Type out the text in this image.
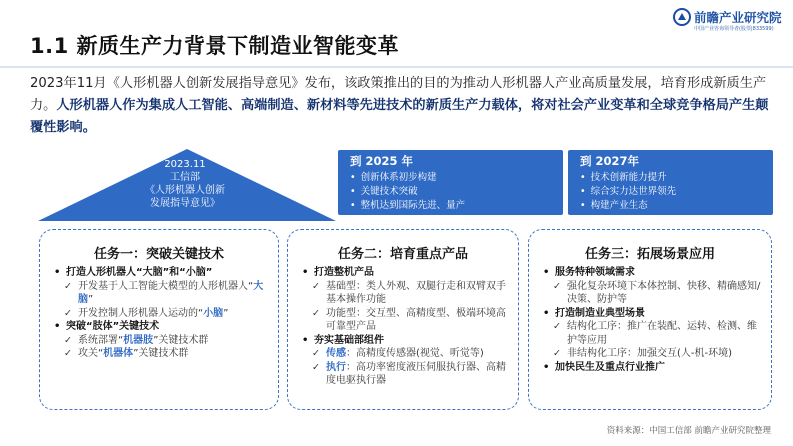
1.1 新质生产力背景下制造业智能变革
前瞻产业研究院
中国产业咨询领导者(股票|833599)
2023年11月《人形机器人创新发展指导意见》发布，该政策推出的目的为推动人形机器人产业高质量发展，培育形成新质生产力。人形机器人作为集成人工智能、高端制造、新材料等先进技术的新质生产力载体，将对社会产业变革和全球竞争格局产生颠覆性影响。
2023.11
工信部
《人形机器人创新
发展指导意见》
到 2025 年
• 创新体系初步构建
• 关键技术突破
• 整机达到国际先进、量产
到 2027年
• 技术创新能力提升
• 综合实力达世界领先
• 构建产业生态
任务一：突破关键技术
• 打造人形机器人“大脑”和“小脑”
✓ 开发基于人工智能大模型的人形机器人“大脑”
✓ 开发控制人形机器人运动的“小脑”
• 突破“肢体”关键技术
✓ 系统部署“机器肢”关键技术群
✓ 攻关“机器体”关键技术群
任务二：培育重点产品
• 打造整机产品
✓ 基础型：类人外观、双腿行走和双臂双手基本操作功能
✓ 功能型：交互型、高精度型、极端环境高可靠型产品
• 夯实基础部组件
✓ 传感：高精度传感器(视觉、听觉等)
✓ 执行：高功率密度液压伺服执行器、高精度电驱执行器
任务三：拓展场景应用
• 服务特种领域需求
✓ 强化复杂环境下本体控制、快移、精确感知/决策、防护等
• 打造制造业典型场景
✓ 结构化工序：推广在装配、运转、检测、维护等应用
✓ 非结构化工序：加强交互(人-机-环境)
• 加快民生及重点行业推广
资料来源：中国工信部 前瞻产业研究院整理
